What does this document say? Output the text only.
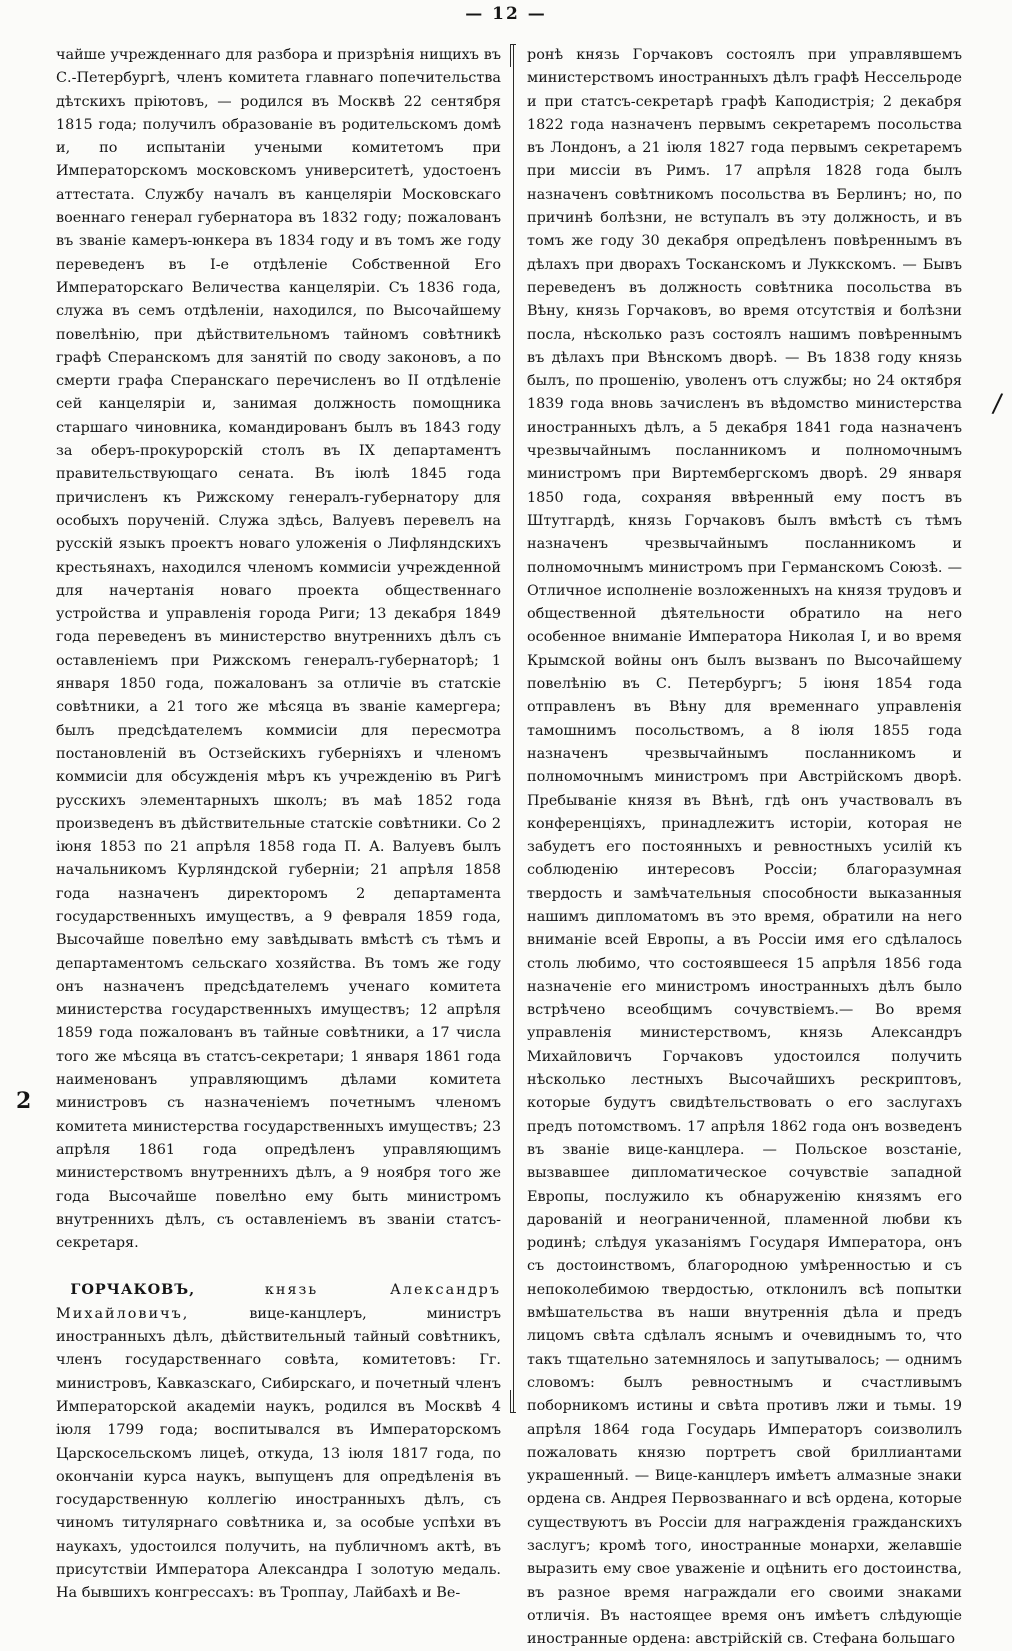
— 12 —
2
/

чайше учрежденнаго для разбора и призрѣнія нищихъ въ С.-Петербургѣ, членъ комитета главнаго попечительства дѣтскихъ пріютовъ, — родился въ Москвѣ 22 сентября 1815 года; получилъ образованіе въ родительскомъ домѣ и, по испытаніи учеными комитетомъ при Императорскомъ московскомъ университетѣ, удостоенъ аттестата. Службу началъ въ канцеляріи Московскаго военнаго генерал губернатора въ 1832 году; пожалованъ въ званіе камеръ-юнкера въ 1834 году и въ томъ же году переведенъ въ I-е отдѣленіе Собственной Его Императорскаго Величества канцеляріи. Съ 1836 года, служа въ семъ отдѣленіи, находился, по Высочайшему повелѣнію, при дѣйствительномъ тайномъ совѣтникѣ графѣ Сперанскомъ для занятій по своду законовъ, а по смерти графа Сперанскаго перечисленъ во II отдѣленіе сей канцеляріи и, занимая должность помощника старшаго чиновника, командированъ былъ въ 1843 году за оберъ-прокурорскій столъ въ IX департаментъ правительствующаго сената. Въ іюлѣ 1845 года причисленъ къ Рижскому генералъ-губернатору для особыхъ порученій. Служа здѣсь, Валуевъ перевелъ на русскій языкъ проектъ новаго уложенія о Лифляндскихъ крестьянахъ, находился членомъ коммисіи учрежденной для начертанія новаго проекта общественнаго устройства и управленія города Риги; 13 декабря 1849 года переведенъ въ министерство внутреннихъ дѣлъ съ оставленіемъ при Рижскомъ генералъ-губернаторѣ; 1 января 1850 года, пожалованъ за отличіе въ статскіе совѣтники, а 21 того же мѣсяца въ званіе камергера; былъ предсѣдателемъ коммисіи для пересмотра постановленій въ Остзейскихъ губерніяхъ и членомъ коммисіи для обсужденія мѣръ къ учрежденію въ Ригѣ русскихъ элементарныхъ школъ; въ маѣ 1852 года произведенъ въ дѣйствительные статскіе совѣтники. Со 2 іюня 1853 по 21 апрѣля 1858 года П. А. Валуевъ былъ начальникомъ Курляндской губерніи; 21 апрѣля 1858 года назначенъ директоромъ 2 департамента государственныхъ имуществъ, а 9 февраля 1859 года, Высочайше повелѣно ему завѣдывать вмѣстѣ съ тѣмъ и департаментомъ сельскаго хозяйства. Въ томъ же году онъ назначенъ предсѣдателемъ ученаго комитета министерства государственныхъ имуществъ; 12 апрѣля 1859 года пожалованъ въ тайные совѣтники, а 17 числа того же мѣсяца въ статсъ-секретари; 1 января 1861 года наименованъ управляющимъ дѣлами комитета министровъ съ назначеніемъ почетнымъ членомъ комитета министерства государственныхъ имуществъ; 23 апрѣля 1861 года опредѣленъ управляющимъ министерствомъ внутреннихъ дѣлъ, а 9 ноября того же года Высочайше повелѣно ему быть министромъ внутреннихъ дѣлъ, съ оставленіемъ въ званіи статсъ-секретаря.

 ГОРЧАКОВЪ,	князь Александръ Михайловичъ,	вице-канцлеръ, министръ иностранныхъ дѣлъ, дѣйствительный тайный совѣтникъ, членъ государственнаго совѣта, комитетовъ: Гг. министровъ, Кавказскаго, Сибирскаго, и почетный членъ Императорской академіи наукъ, родился въ Москвѣ 4 іюля 1799 года; воспитывался въ Императорскомъ Царскосельскомъ лицеѣ, откуда, 13 іюля 1817 года, по окончаніи курса наукъ, выпущенъ для опредѣленія въ государственную коллегію иностранныхъ дѣлъ, съ чиномъ титулярнаго совѣтника и, за особые успѣхи въ наукахъ, удостоился получить, на публичномъ актѣ, въ присутствіи Императора Александра I золотую медаль. На бывшихъ конгрессахъ: въ Троппау, Лайбахѣ и Ве-

ронѣ князь Горчаковъ состоялъ при управлявшемъ министерствомъ иностранныхъ дѣлъ графѣ Нессельроде и при статсъ-секретарѣ графѣ Каподистрія; 2 декабря 1822 года назначенъ первымъ секретаремъ посольства въ Лондонъ, а 21 іюля 1827 года первымъ секретаремъ при миссіи въ Римъ. 17 апрѣля 1828 года былъ назначенъ совѣтникомъ посольства въ Берлинъ; но, по причинѣ болѣзни, не вступалъ въ эту должность, и въ томъ же году 30 декабря опредѣленъ повѣреннымъ въ дѣлахъ при дворахъ Тосканскомъ и Луккскомъ. — Бывъ переведенъ въ должность совѣтника посольства въ Вѣну, князь Горчаковъ, во время отсутствія и болѣзни посла, нѣсколько разъ состоялъ нашимъ повѣреннымъ въ дѣлахъ при Вѣнскомъ дворѣ. — Въ 1838 году князь былъ, по прошенію, уволенъ отъ службы; но 24 октября 1839 года вновь зачисленъ въ вѣдомство министерства иностранныхъ дѣлъ, а 5 декабря 1841 года назначенъ чрезвычайнымъ посланникомъ и полномочнымъ министромъ при Виртембергскомъ дворѣ. 29 января 1850 года, сохраняя ввѣренный ему постъ въ Штутгардѣ, князь Горчаковъ былъ вмѣстѣ съ тѣмъ назначенъ чрезвычайнымъ посланникомъ и полномочнымъ министромъ при Германскомъ Союзѣ. — Отличное исполненіе возложенныхъ на князя трудовъ и общественной дѣятельности обратило на него особенное вниманіе Императора Николая I, и во время Крымской войны онъ былъ вызванъ по Высочайшему повелѣнію въ С. Петербургъ; 5 іюня 1854 года отправленъ въ Вѣну для временнаго управленія тамошнимъ посольствомъ, а 8 іюля 1855 года назначенъ чрезвычайнымъ посланникомъ и полномочнымъ министромъ при Австрійскомъ дворѣ. Пребываніе князя въ Вѣнѣ, гдѣ онъ участвовалъ въ конференціяхъ, принадлежитъ исторіи, которая не забудетъ его постоянныхъ и ревностныхъ усилій къ соблюденію интересовъ Россіи; благоразумная твердость и замѣчательныя способности выказанныя нашимъ дипломатомъ въ это время, обратили на него вниманіе всей Европы, а въ Россіи имя его сдѣлалось столь любимо, что состоявшееся 15 апрѣля 1856 года назначеніе его министромъ иностранныхъ дѣлъ было встрѣчено всеобщимъ сочувствіемъ.— Во время управленія министерствомъ, князь Александръ Михайловичъ Горчаковъ удостоился получить нѣсколько лестныхъ Высочайшихъ рескриптовъ, которые будутъ свидѣтельствовать о его заслугахъ предъ потомствомъ. 17 апрѣля 1862 года онъ возведенъ въ званіе вице-канцлера. — Польское возстаніе, вызвавшее дипломатическое сочувствіе западной Европы, послужило къ обнаруженію князямъ его дарованій и неограниченной, пламенной любви къ родинѣ; слѣдуя указаніямъ Государя Императора, онъ съ достоинствомъ, благородною умѣренностью и съ непоколебимою твердостью, отклонилъ всѣ попытки вмѣшательства въ наши внутреннія дѣла и предъ лицомъ свѣта сдѣлалъ яснымъ и очевиднымъ то, что такъ тщательно затемнялось и запутывалось; — однимъ словомъ: былъ ревностнымъ и счастливымъ поборникомъ истины и свѣта противъ лжи и тьмы. 19 апрѣля 1864 года Государь Императоръ соизволилъ пожаловать князю портретъ свой бриллиантами украшенный. — Вице-канцлеръ имѣетъ алмазные знаки ордена св. Андрея Первозваннаго и всѣ ордена, которые существуютъ въ Россіи для награжденія гражданскихъ заслугъ; кромѣ того, иностранные монархи, желавшіе выразить ему свое уваженіе и оцѣнить его достоинства, въ разное время награждали его своими знаками отличія. Въ настоящее время онъ имѣетъ слѣдующіе иностранные ордена: австрійскій св. Стефана большаго
